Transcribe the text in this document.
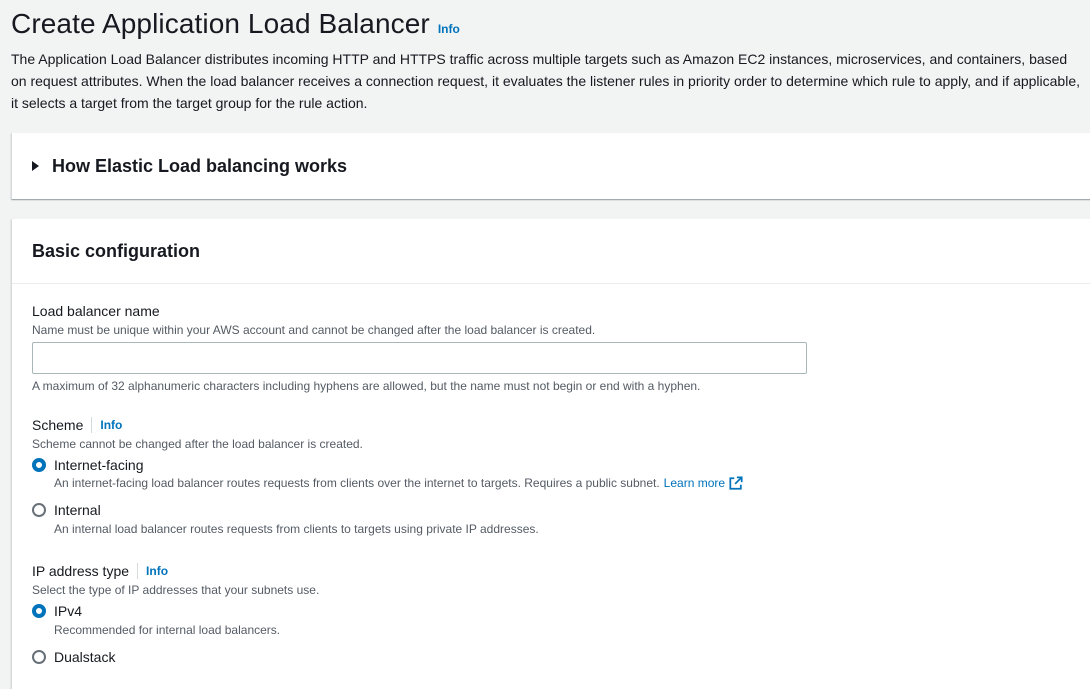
Create Application Load Balancer Info
The Application Load Balancer distributes incoming HTTP and HTTPS traffic across multiple targets such as Amazon EC2 instances, microservices, and containers, based on request attributes. When the load balancer receives a connection request, it evaluates the listener rules in priority order to determine which rule to apply, and if applicable, it selects a target from the target group for the rule action.
How Elastic Load balancing works
Basic configuration
Load balancer name
Name must be unique within your AWS account and cannot be changed after the load balancer is created.
A maximum of 32 alphanumeric characters including hyphens are allowed, but the name must not begin or end with a hyphen.
Scheme Info
Scheme cannot be changed after the load balancer is created.
Internet-facing
An internet-facing load balancer routes requests from clients over the internet to targets. Requires a public subnet. Learn more
Internal
An internal load balancer routes requests from clients to targets using private IP addresses.
IP address type Info
Select the type of IP addresses that your subnets use.
IPv4
Recommended for internal load balancers.
Dualstack
